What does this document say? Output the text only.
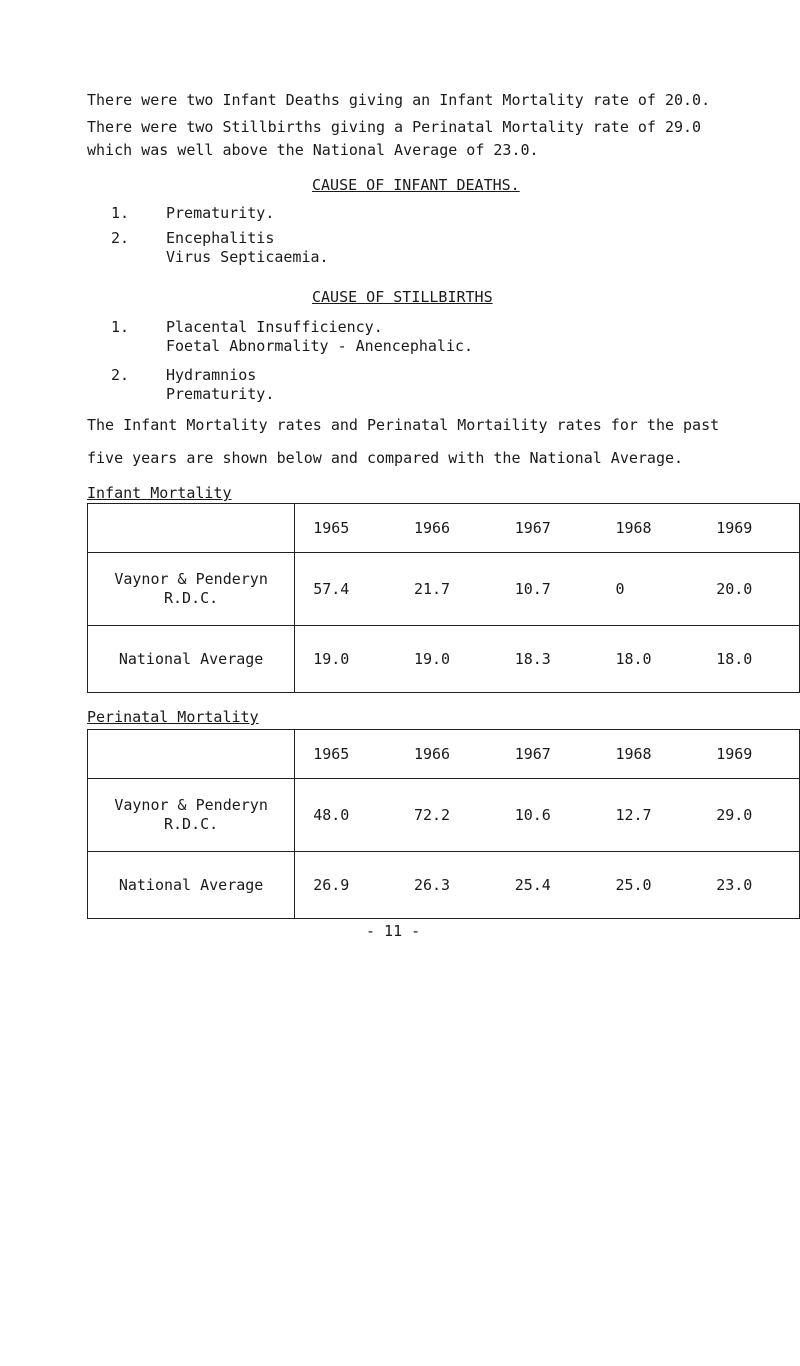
There were two Infant Deaths giving an Infant Mortality rate of 20.0.
There were two Stillbirths giving a Perinatal Mortality rate of 29.0
which was well above the National Average of 23.0.
CAUSE OF INFANT DEATHS.
1. Prematurity.
2. Encephalitis
Virus Septicaemia.
CAUSE OF STILLBIRTHS
1. Placental Insufficiency.
Foetal Abnormality - Anencephalic.
2. Hydramnios
Prematurity.
The Infant Mortality rates and Perinatal Mortaility rates for the past
five years are shown below and compared with the National Average.
Infant Mortality
	1965	1966	1967	1968	1969
Vaynor & Penderyn
R.D.C.	57.4	21.7	10.7	0	20.0
National Average	19.0	19.0	18.3	18.0	18.0
Perinatal Mortality
	1965	1966	1967	1968	1969
Vaynor & Penderyn
R.D.C.	48.0	72.2	10.6	12.7	29.0
National Average	26.9	26.3	25.4	25.0	23.0
- 11 -
